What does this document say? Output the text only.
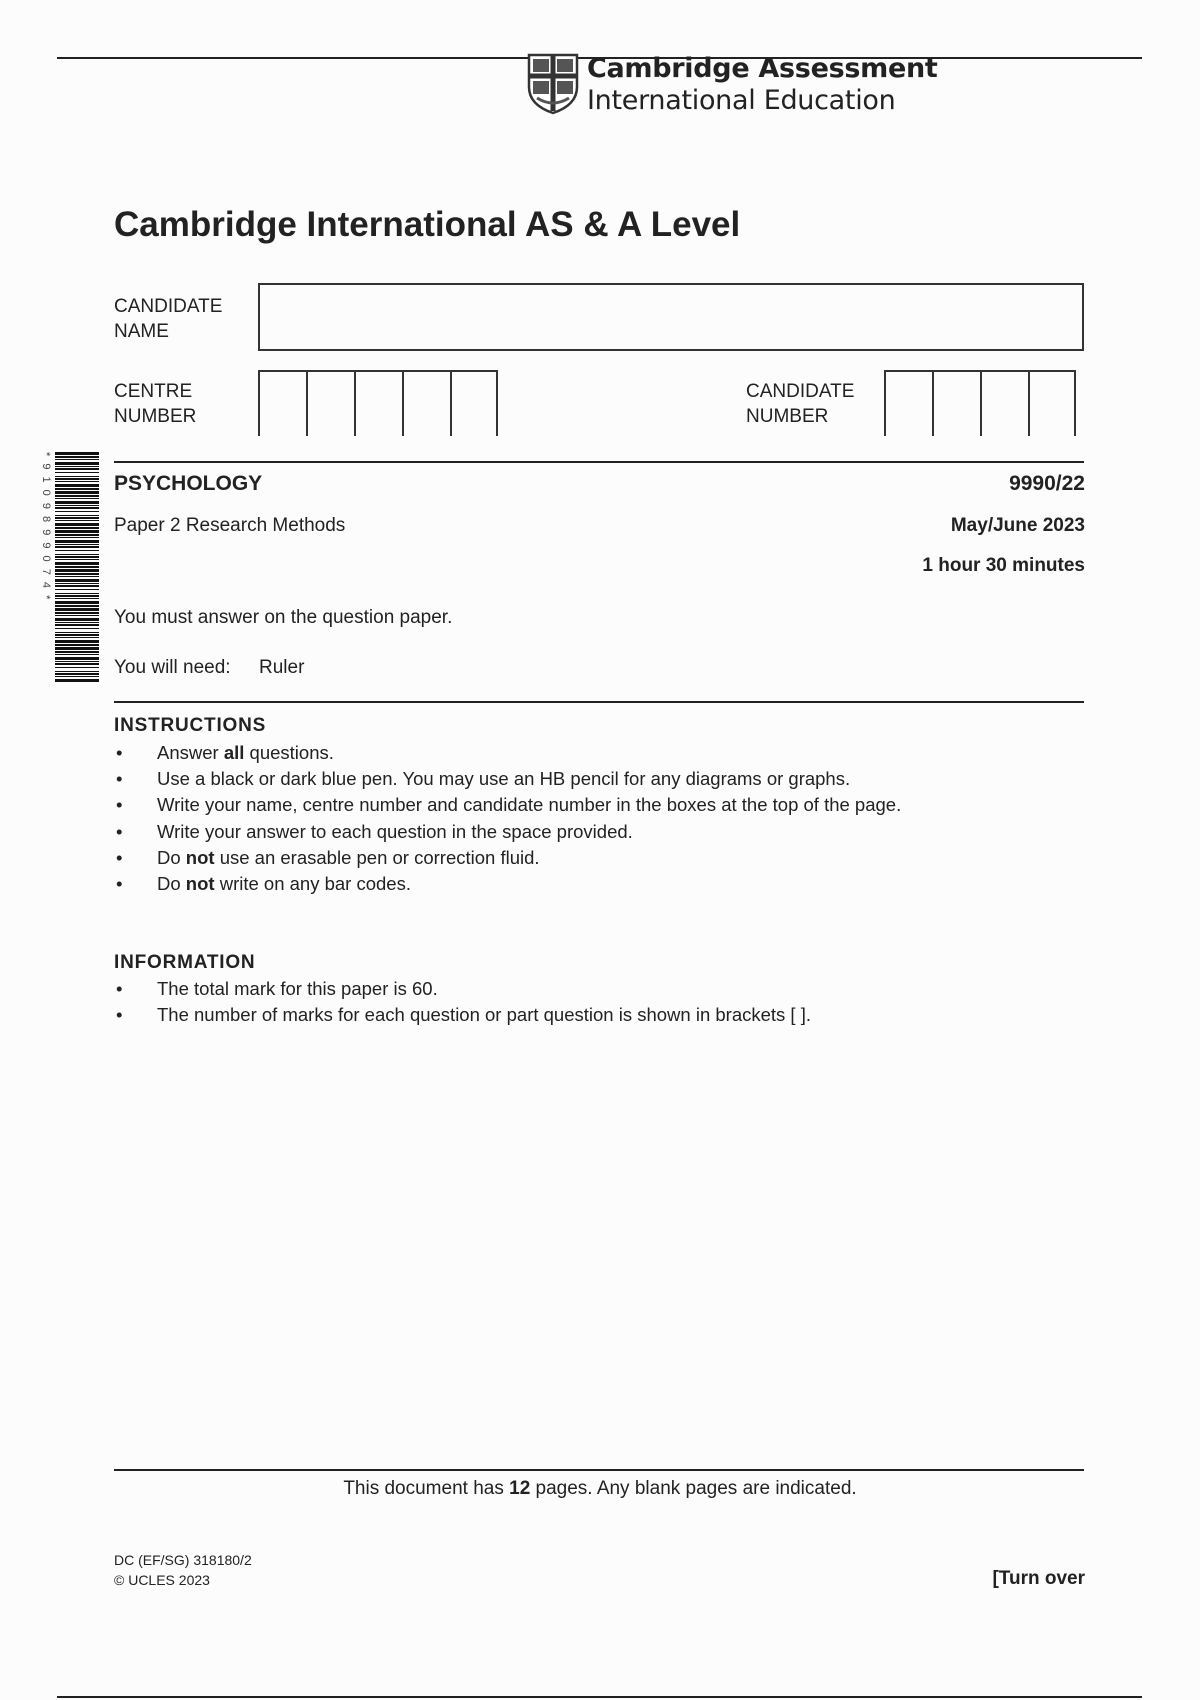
Cambridge Assessment
International Education
Cambridge International AS & A Level
CANDIDATE
NAME
CENTRE
NUMBER
CANDIDATE
NUMBER
* 9 1 0 9 8 9 9 0 7 4 *	PSYCHOLOGY	9990/22
Paper 2 Research Methods	May/June 2023
1 hour 30 minutes
You must answer on the question paper.
You will need: Ruler
INSTRUCTIONS
• Answer all questions.
• Use a black or dark blue pen. You may use an HB pencil for any diagrams or graphs.
• Write your name, centre number and candidate number in the boxes at the top of the page.
• Write your answer to each question in the space provided.
• Do not use an erasable pen or correction fluid.
• Do not write on any bar codes.
INFORMATION
• The total mark for this paper is 60.
• The number of marks for each question or part question is shown in brackets [ ].
This document has 12 pages. Any blank pages are indicated.
DC (EF/SG) 318180/2
© UCLES 2023	[Turn over
